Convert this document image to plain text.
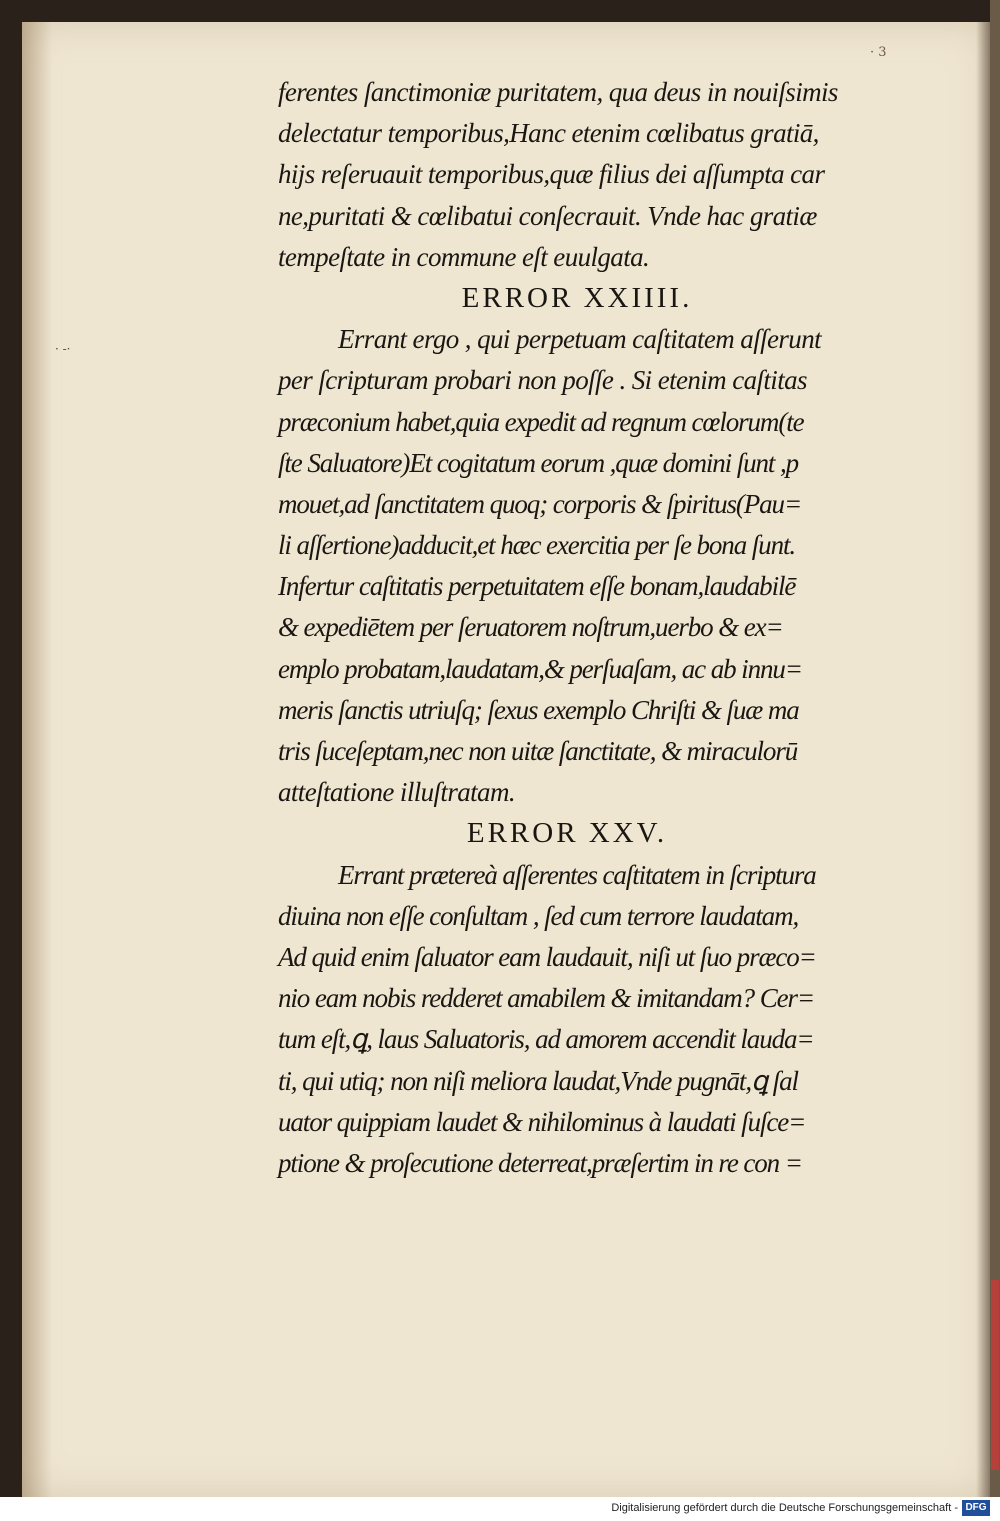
· 3
· -·
ferentes ſanctimoniæ puritatem, qua deus in nouiſsimis
delectatur temporibus,Hanc etenim cœlibatus gratiā,
hijs reſeruauit temporibus,quæ filius dei aſſumpta car
ne,puritati & cœlibatui conſecrauit. Vnde hac gratiæ
tempeſtate in commune eſt euulgata.
ERROR XXIIII.
Errant ergo , qui perpetuam caſtitatem aſſerunt
per ſcripturam probari non poſſe . Si etenim caſtitas
præconium habet,quia expedit ad regnum cœlorum(te
ſte Saluatore)Et cogitatum eorum ,quæ domini ſunt ,p
mouet,ad ſanctitatem quoq; corporis & ſpiritus(Pau=
li aſſertione)adducit,et hæc exercitia per ſe bona ſunt.
Infertur caſtitatis perpetuitatem eſſe bonam,laudabilē
& expediētem per ſeruatorem noſtrum,uerbo & ex=
emplo probatam,laudatam,& perſuaſam, ac ab innu=
meris ſanctis utriuſq; ſexus exemplo Chriſti & ſuæ ma
tris ſuceſeptam,nec non uitæ ſanctitate, & miraculorū
atteſtatione illuſtratam.
ERROR XXV.
Errant prætereà aſſerentes caſtitatem in ſcriptura
diuina non eſſe conſultam , ſed cum terrore laudatam,
Ad quid enim ſaluator eam laudauit, niſi ut ſuo præco=
nio eam nobis redderet amabilem & imitandam? Cer=
tum eſt,ꝗ, laus Saluatoris, ad amorem accendit lauda=
ti, qui utiq; non niſi meliora laudat,Vnde pugnāt,ꝗ ſal
uator quippiam laudet & nihilominus à laudati ſuſce=
ptione & proſecutione deterreat,præſertim in re con =
Digitalisierung gefördert durch die Deutsche Forschungsgemeinschaft - DFG
